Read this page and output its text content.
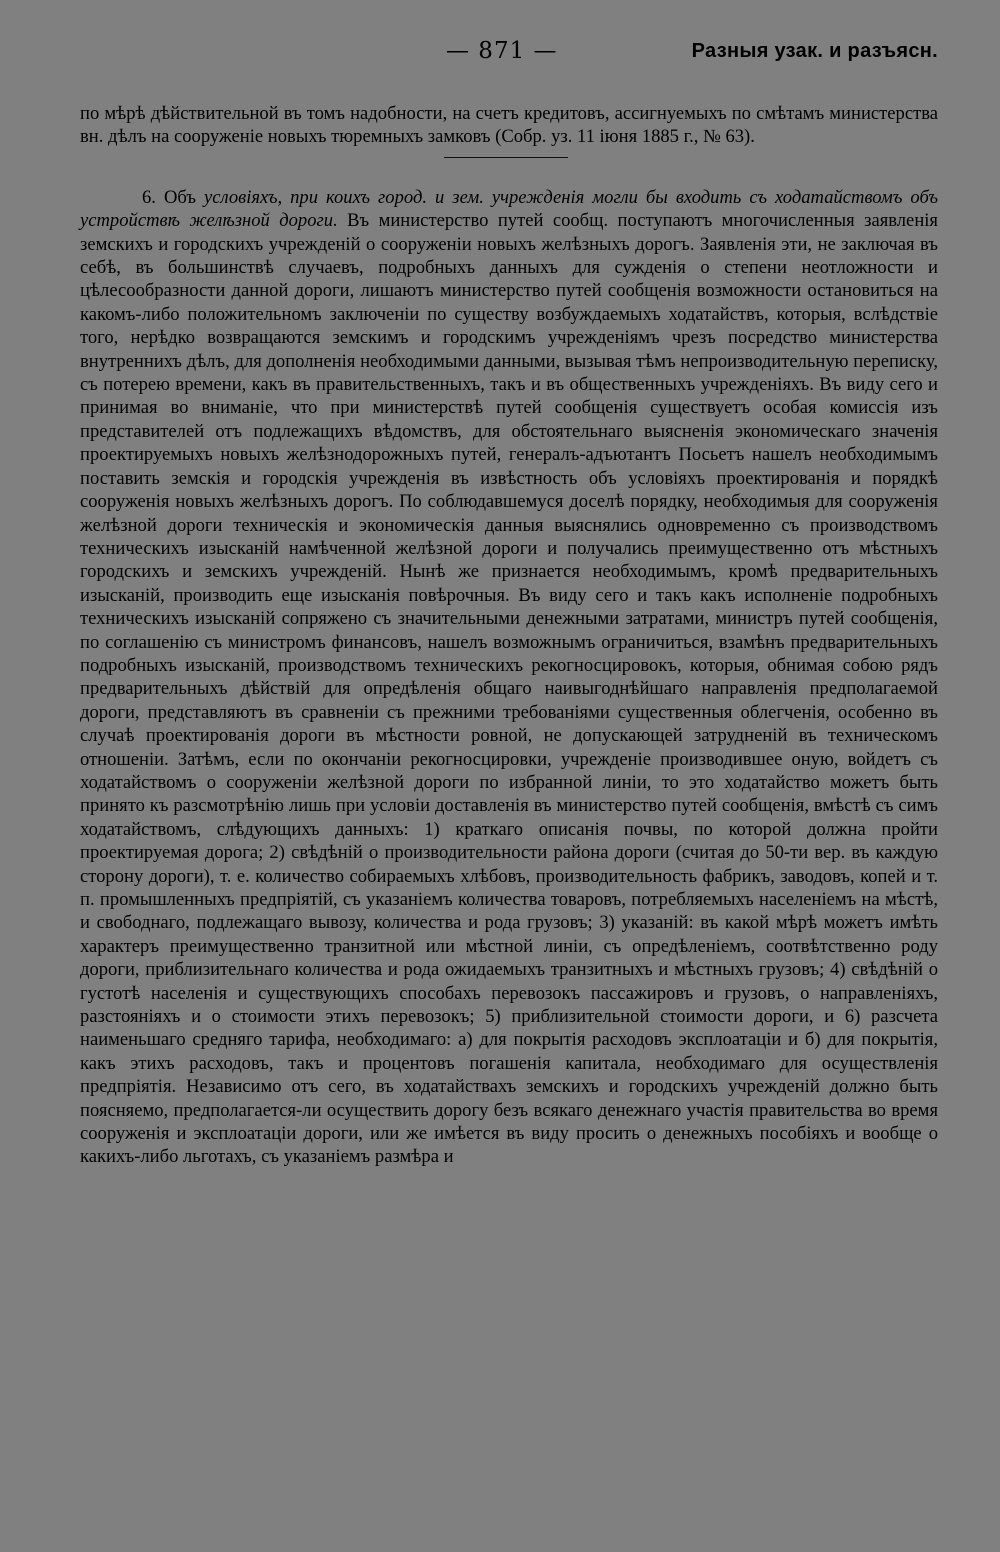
— 871 —	Разныя узак. и разъясн.

по мѣрѣ дѣйствительной въ томъ надобности, на счетъ кредитовъ, ассигнуемыхъ по смѣтамъ министерства вн. дѣлъ на сооруженіе новыхъ тюремныхъ замковъ (Собр. уз. 11 іюня 1885 г., № 63).

6. Объ условіяхъ, при коихъ город. и зем. учрежденія могли бы входить съ ходатайствомъ объ устройствѣ желѣзной дороги. Въ министерство путей сообщ. поступаютъ многочисленныя заявленія земскихъ и городскихъ учрежденій о сооруженіи новыхъ желѣзныхъ дорогъ. Заявленія эти, не заключая въ себѣ, въ большинствѣ случаевъ, подробныхъ данныхъ для сужденія о степени неотложности и цѣлесообразности данной дороги, лишаютъ министерство путей сообщенія возможности остановиться на какомъ-либо положительномъ заключеніи по существу возбуждаемыхъ ходатайствъ, которыя, вслѣдствіе того, нерѣдко возвращаются земскимъ и городскимъ учрежденіямъ чрезъ посредство министерства внутреннихъ дѣлъ, для дополненія необходимыми данными, вызывая тѣмъ непроизводительную переписку, съ потерею времени, какъ въ правительственныхъ, такъ и въ общественныхъ учрежденіяхъ. Въ виду сего и принимая во вниманіе, что при министерствѣ путей сообщенія существуетъ особая комиссія изъ представителей отъ подлежащихъ вѣдомствъ, для обстоятельнаго выясненія экономическаго значенія проектируемыхъ новыхъ желѣзнодорожныхъ путей, генералъ-адъютантъ Посьетъ нашелъ необходимымъ поставить земскія и городскія учрежденія въ извѣстность объ условіяхъ проектированія и порядкѣ сооруженія новыхъ желѣзныхъ дорогъ. По соблюдавшемуся доселѣ порядку, необходимыя для сооруженія желѣзной дороги техническія и экономическія данныя выяснялись одновременно съ производствомъ техническихъ изысканій намѣченной желѣзной дороги и получались преимущественно отъ мѣстныхъ городскихъ и земскихъ учрежденій. Нынѣ же признается необходимымъ, кромѣ предварительныхъ изысканій, производить еще изысканія повѣрочныя. Въ виду сего и такъ какъ исполненіе подробныхъ техническихъ изысканій сопряжено съ значительными денежными затратами, министръ путей сообщенія, по соглашенію съ министромъ финансовъ, нашелъ возможнымъ ограничиться, взамѣнъ предварительныхъ подробныхъ изысканій, производствомъ техническихъ рекогносцировокъ, которыя, обнимая собою рядъ предварительныхъ дѣйствій для опредѣленія общаго наивыгоднѣйшаго направленія предполагаемой дороги, представляютъ въ сравненіи съ прежними требованіями существенныя облегченія, особенно въ случаѣ проектированія дороги въ мѣстности ровной, не допускающей затрудненій въ техническомъ отношеніи. Затѣмъ, если по окончаніи рекогносцировки, учрежденіе производившее оную, войдетъ съ ходатайствомъ о сооруженіи желѣзной дороги по избранной линіи, то это ходатайство можетъ быть принято къ разсмотрѣнію лишь при условіи доставленія въ министерство путей сообщенія, вмѣстѣ съ симъ ходатайствомъ, слѣдующихъ данныхъ: 1) краткаго описанія почвы, по которой должна пройти проектируемая дорога; 2) свѣдѣній о производительности района дороги (считая до 50-ти вер. въ каждую сторону дороги), т. е. количество собираемыхъ хлѣбовъ, производительность фабрикъ, заводовъ, копей и т. п. промышленныхъ предпріятій, съ указаніемъ количества товаровъ, потребляемыхъ населеніемъ на мѣстѣ, и свободнаго, подлежащаго вывозу, количества и рода грузовъ; 3) указаній: въ какой мѣрѣ можетъ имѣть характеръ преимущественно транзитной или мѣстной линіи, съ опредѣленіемъ, соотвѣтственно роду дороги, приблизительнаго количества и рода ожидаемыхъ транзитныхъ и мѣстныхъ грузовъ; 4) свѣдѣній о густотѣ населенія и существующихъ способахъ перевозокъ пассажировъ и грузовъ, о направленіяхъ, разстояніяхъ и о стоимости этихъ перевозокъ; 5) приблизительной стоимости дороги, и 6) разсчета наименьшаго средняго тарифа, необходимаго: а) для покрытія расходовъ эксплоатаціи и б) для покрытія, какъ этихъ расходовъ, такъ и процентовъ погашенія капитала, необходимаго для осуществленія предпріятія. Независимо отъ сего, въ ходатайствахъ земскихъ и городскихъ учрежденій должно быть поясняемо, предполагается-ли осуществить дорогу безъ всякаго денежнаго участія правительства во время сооруженія и эксплоатаціи дороги, или же имѣется въ виду просить о денежныхъ пособіяхъ и вообще о какихъ-либо льготахъ, съ указаніемъ размѣра и
